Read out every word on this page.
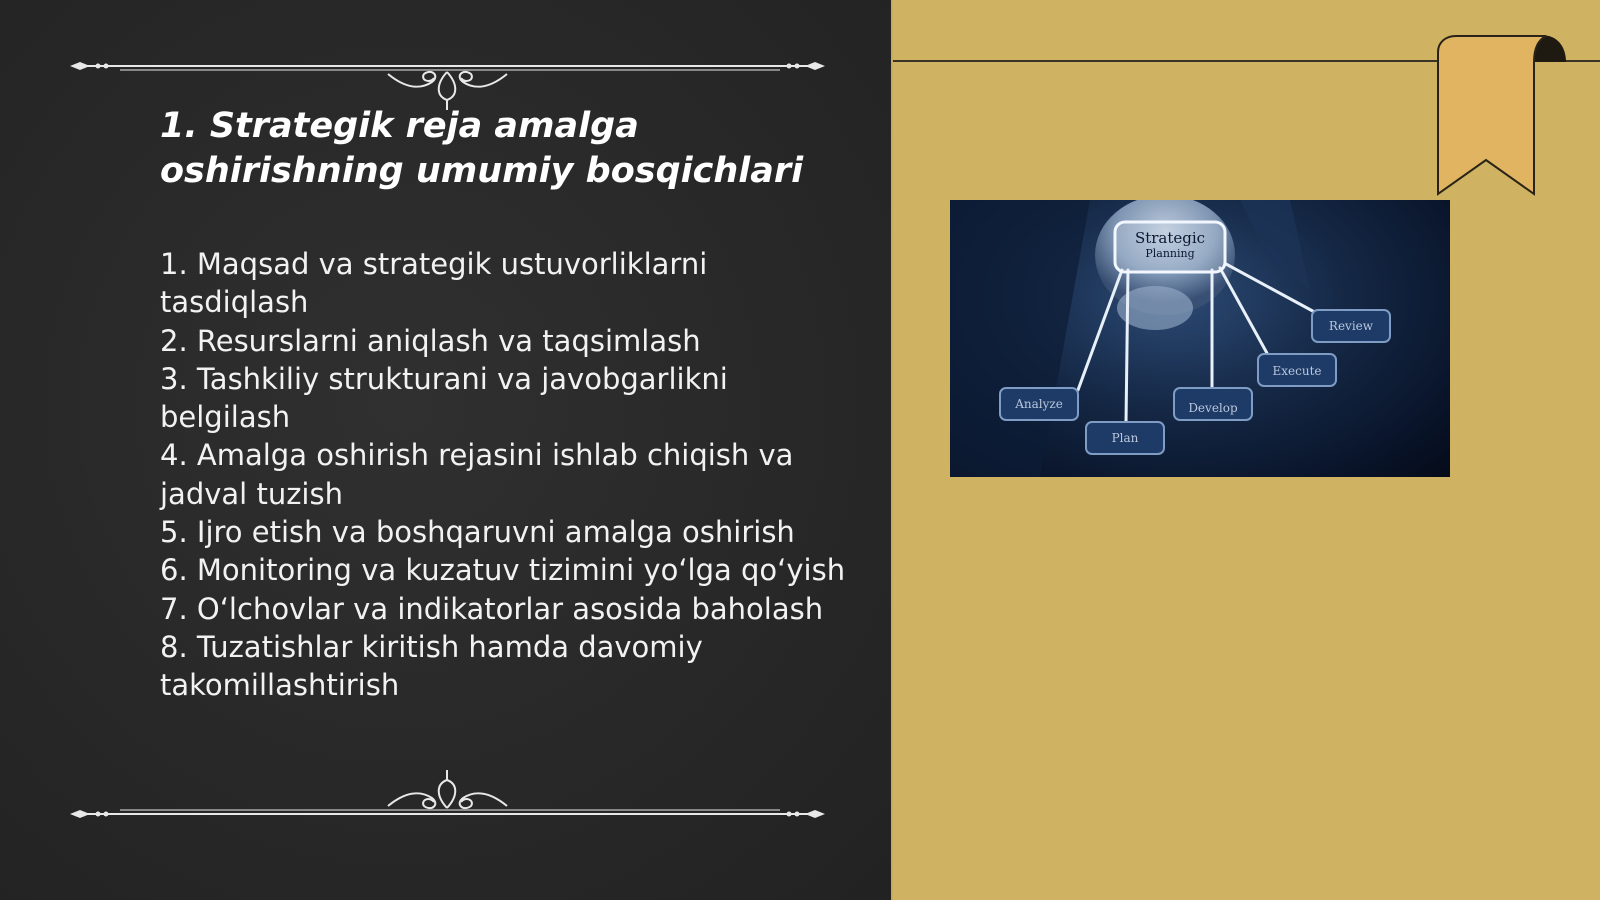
1. Strategik reja amalga oshirishning umumiy bosqichlari
1. Maqsad va strategik ustuvorliklarni tasdiqlash
2. Resurslarni aniqlash va taqsimlash
3. Tashkiliy strukturani va javobgarlikni belgilash
4. Amalga oshirish rejasini ishlab chiqish va jadval tuzish
5. Ijro etish va boshqaruvni amalga oshirish
6. Monitoring va kuzatuv tizimini yo‘lga qo‘yish
7. O‘lchovlar va indikatorlar asosida baholash
8. Tuzatishlar kiritish hamda davomiy takomillashtirish
Strategic
Planning
Analyze
Plan
Develop
Execute
Review
